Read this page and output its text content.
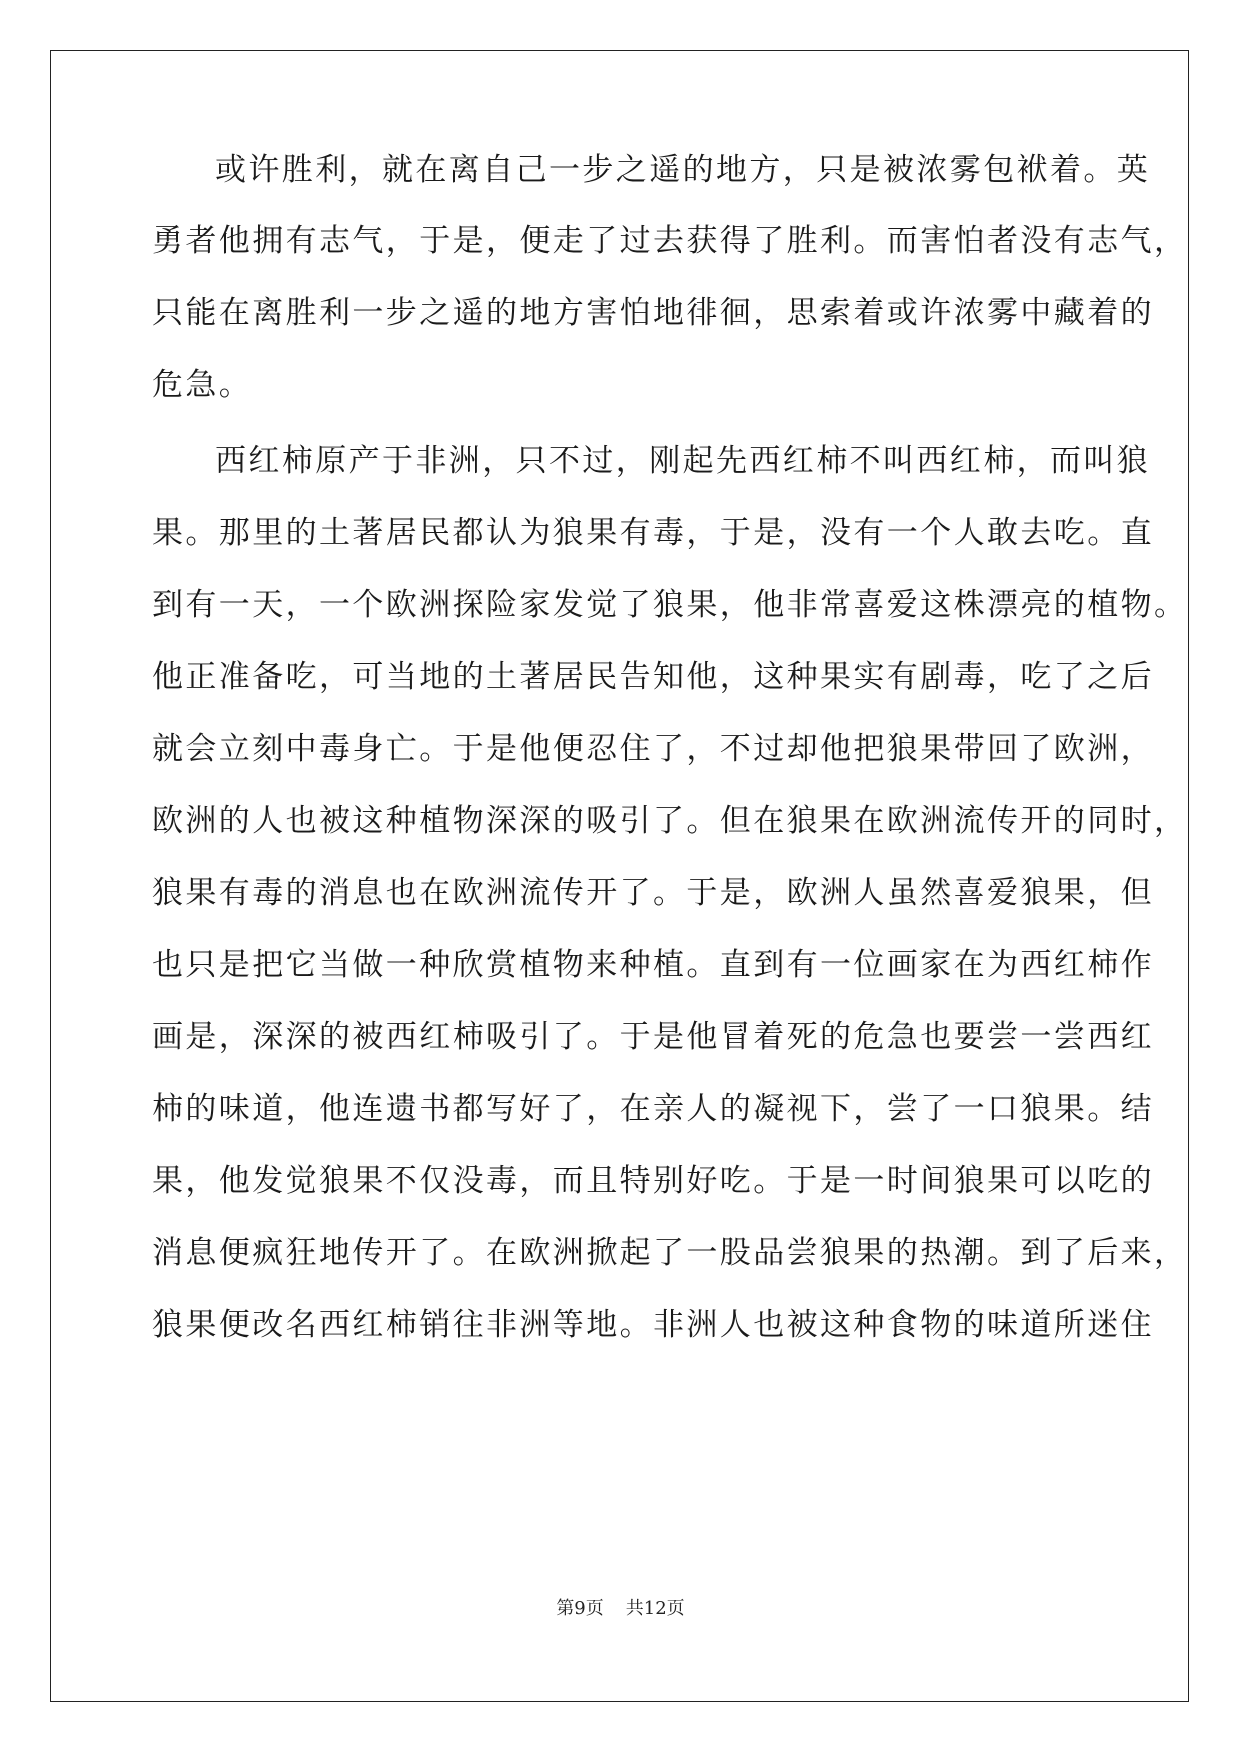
或许胜利，就在离自己一步之遥的地方，只是被浓雾包袱着。英

勇者他拥有志气，于是，便走了过去获得了胜利。而害怕者没有志气，

只能在离胜利一步之遥的地方害怕地徘徊，思索着或许浓雾中藏着的

危急。

西红柿原产于非洲，只不过，刚起先西红柿不叫西红柿，而叫狼

果。那里的土著居民都认为狼果有毒，于是，没有一个人敢去吃。直

到有一天，一个欧洲探险家发觉了狼果，他非常喜爱这株漂亮的植物。

他正准备吃，可当地的土著居民告知他，这种果实有剧毒，吃了之后

就会立刻中毒身亡。于是他便忍住了，不过却他把狼果带回了欧洲，

欧洲的人也被这种植物深深的吸引了。但在狼果在欧洲流传开的同时，

狼果有毒的消息也在欧洲流传开了。于是，欧洲人虽然喜爱狼果，但

也只是把它当做一种欣赏植物来种植。直到有一位画家在为西红柿作

画是，深深的被西红柿吸引了。于是他冒着死的危急也要尝一尝西红

柿的味道，他连遗书都写好了，在亲人的凝视下，尝了一口狼果。结

果，他发觉狼果不仅没毒，而且特别好吃。于是一时间狼果可以吃的

消息便疯狂地传开了。在欧洲掀起了一股品尝狼果的热潮。到了后来，

狼果便改名西红柿销往非洲等地。非洲人也被这种食物的味道所迷住

第9页 共12页
